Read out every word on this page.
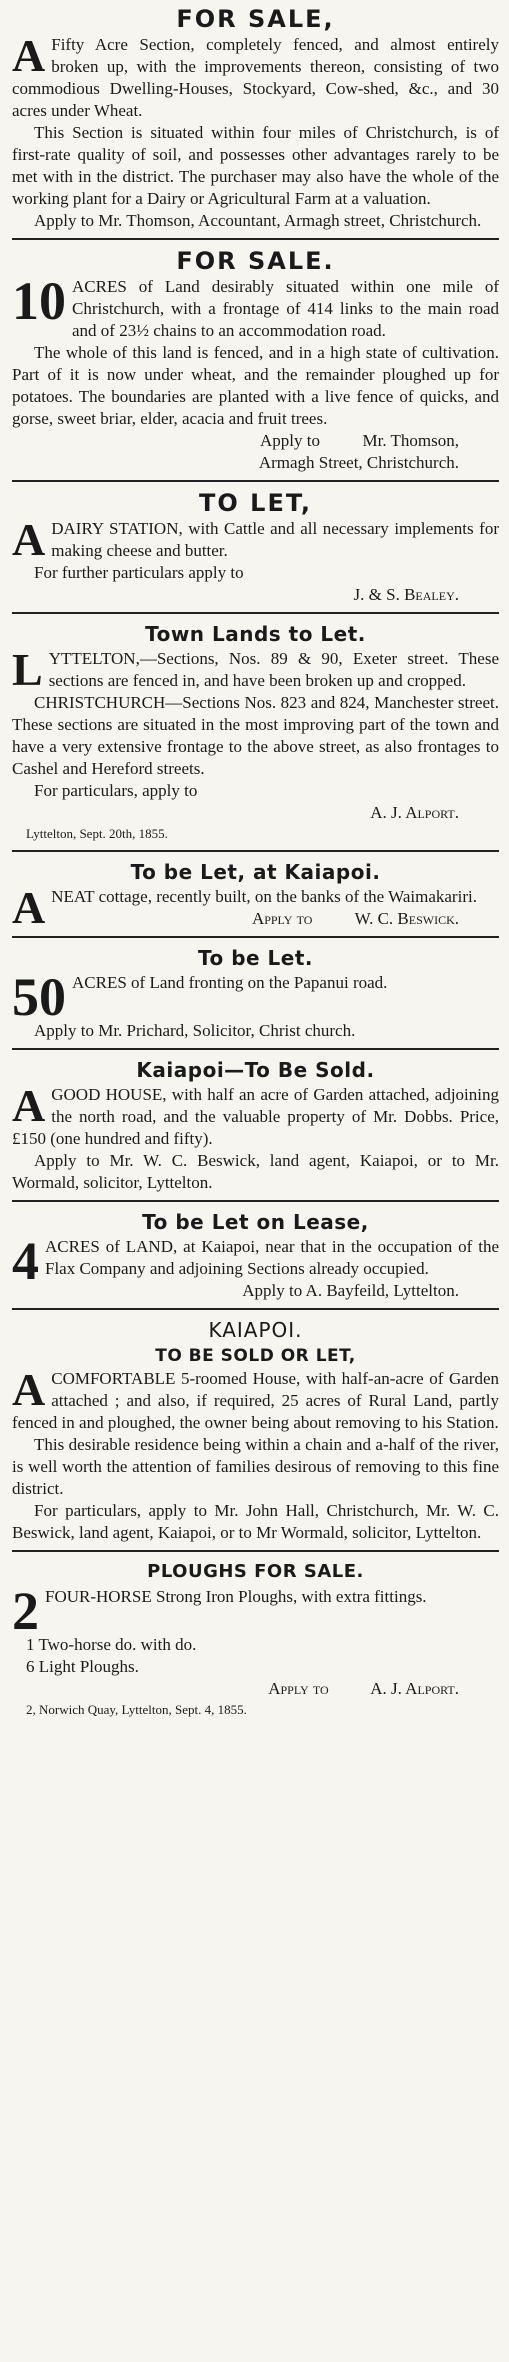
FOR SALE,
A Fifty Acre Section, completely fenced, and almost entirely broken up, with the improvements thereon, consisting of two commodious Dwelling-Houses, Stockyard, Cow-shed, &c., and 30 acres under Wheat.

This Section is situated within four miles of Christchurch, is of first-rate quality of soil, and possesses other advantages rarely to be met with in the district. The purchaser may also have the whole of the working plant for a Dairy or Agricultural Farm at a valuation.

Apply to Mr. Thomson, Accountant, Armagh street, Christchurch.

FOR SALE.
10 ACRES of Land desirably situated within one mile of Christchurch, with a frontage of 414 links to the main road and of 23½ chains to an accommodation road.

The whole of this land is fenced, and in a high state of cultivation. Part of it is now under wheat, and the remainder ploughed up for potatoes. The boundaries are planted with a live fence of quicks, and gorse, sweet briar, elder, acacia and fruit trees.

Apply to          Mr. Thomson,

Armagh Street, Christchurch.

TO LET,
A DAIRY STATION, with Cattle and all necessary implements for making cheese and butter.

For further particulars apply to

J. & S. Bealey.

Town Lands to Let.
L YTTELTON,—Sections, Nos. 89 & 90, Exeter street. These sections are fenced in, and have been broken up and cropped.

CHRISTCHURCH—Sections Nos. 823 and 824, Manchester street. These sections are situated in the most improving part of the town and have a very extensive frontage to the above street, as also frontages to Cashel and Hereford streets.

For particulars, apply to

A. J. Alport.

Lyttelton, Sept. 20th, 1855.

To be Let, at Kaiapoi.
A NEAT cottage, recently built, on the banks of the Waimakariri.

Apply to          W. C. Beswick.

To be Let.
50 ACRES of Land fronting on the Papanui road.

Apply to Mr. Prichard, Solicitor, Christ church.

Kaiapoi—To Be Sold.
A GOOD HOUSE, with half an acre of Garden attached, adjoining the north road, and the valuable property of Mr. Dobbs. Price, £150 (one hundred and fifty).

Apply to Mr. W. C. Beswick, land agent, Kaiapoi, or to Mr. Wormald, solicitor, Lyttelton.

To be Let on Lease,
4 ACRES of LAND, at Kaiapoi, near that in the occupation of the Flax Company and adjoining Sections already occupied.

Apply to A. Bayfeild, Lyttelton.

KAIAPOI.
TO BE SOLD OR LET,
A COMFORTABLE 5-roomed House, with half-an-acre of Garden attached ; and also, if required, 25 acres of Rural Land, partly fenced in and ploughed, the owner being about removing to his Station.

This desirable residence being within a chain and a-half of the river, is well worth the attention of families desirous of removing to this fine district.

For particulars, apply to Mr. John Hall, Christchurch, Mr. W. C. Beswick, land agent, Kaiapoi, or to Mr Wormald, solicitor, Lyttelton.

PLOUGHS FOR SALE.
2 FOUR-HORSE Strong Iron Ploughs, with extra fittings.

1 Two-horse do. with do.

6 Light Ploughs.

Apply to          A. J. Alport.

2, Norwich Quay, Lyttelton, Sept. 4, 1855.
